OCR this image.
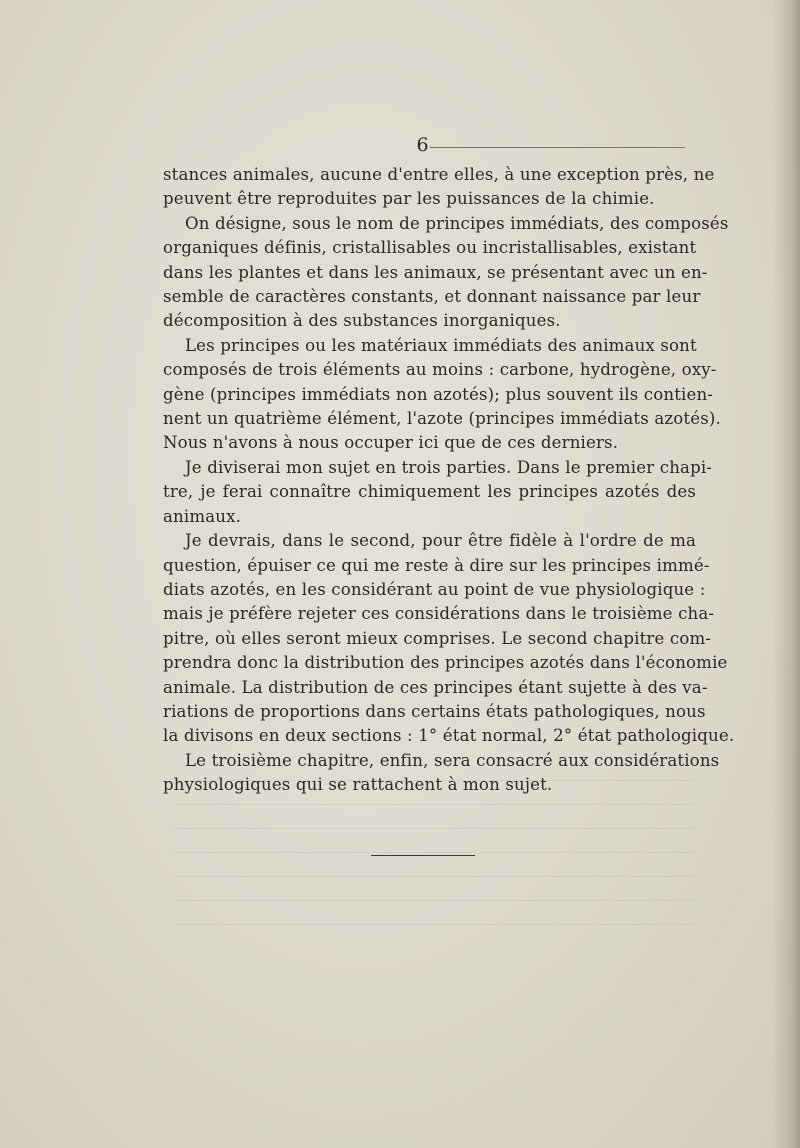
6

stances animales, aucune d'entre elles, à une exception près, ne
peuvent être reproduites par les puissances de la chimie.

On désigne, sous le nom de principes immédiats, des composés
organiques définis, cristallisables ou incristallisables, existant
dans les plantes et dans les animaux, se présentant avec un en-
semble de caractères constants, et donnant naissance par leur
décomposition à des substances inorganiques.

Les principes ou les matériaux immédiats des animaux sont
composés de trois éléments au moins : carbone, hydrogène, oxy-
gène (principes immédiats non azotés); plus souvent ils contien-
nent un quatrième élément, l'azote (principes immédiats azotés).
Nous n'avons à nous occuper ici que de ces derniers.

Je diviserai mon sujet en trois parties. Dans le premier chapi-
tre, je ferai connaître chimiquement les principes azotés des
animaux.

Je devrais, dans le second, pour être fidèle à l'ordre de ma
question, épuiser ce qui me reste à dire sur les principes immé-
diats azotés, en les considérant au point de vue physiologique :
mais je préfère rejeter ces considérations dans le troisième cha-
pitre, où elles seront mieux comprises. Le second chapitre com-
prendra donc la distribution des principes azotés dans l'économie
animale. La distribution de ces principes étant sujette à des va-
riations de proportions dans certains états pathologiques, nous
la divisons en deux sections : 1° état normal, 2° état pathologique.

Le troisième chapitre, enfin, sera consacré aux considérations
physiologiques qui se rattachent à mon sujet.
